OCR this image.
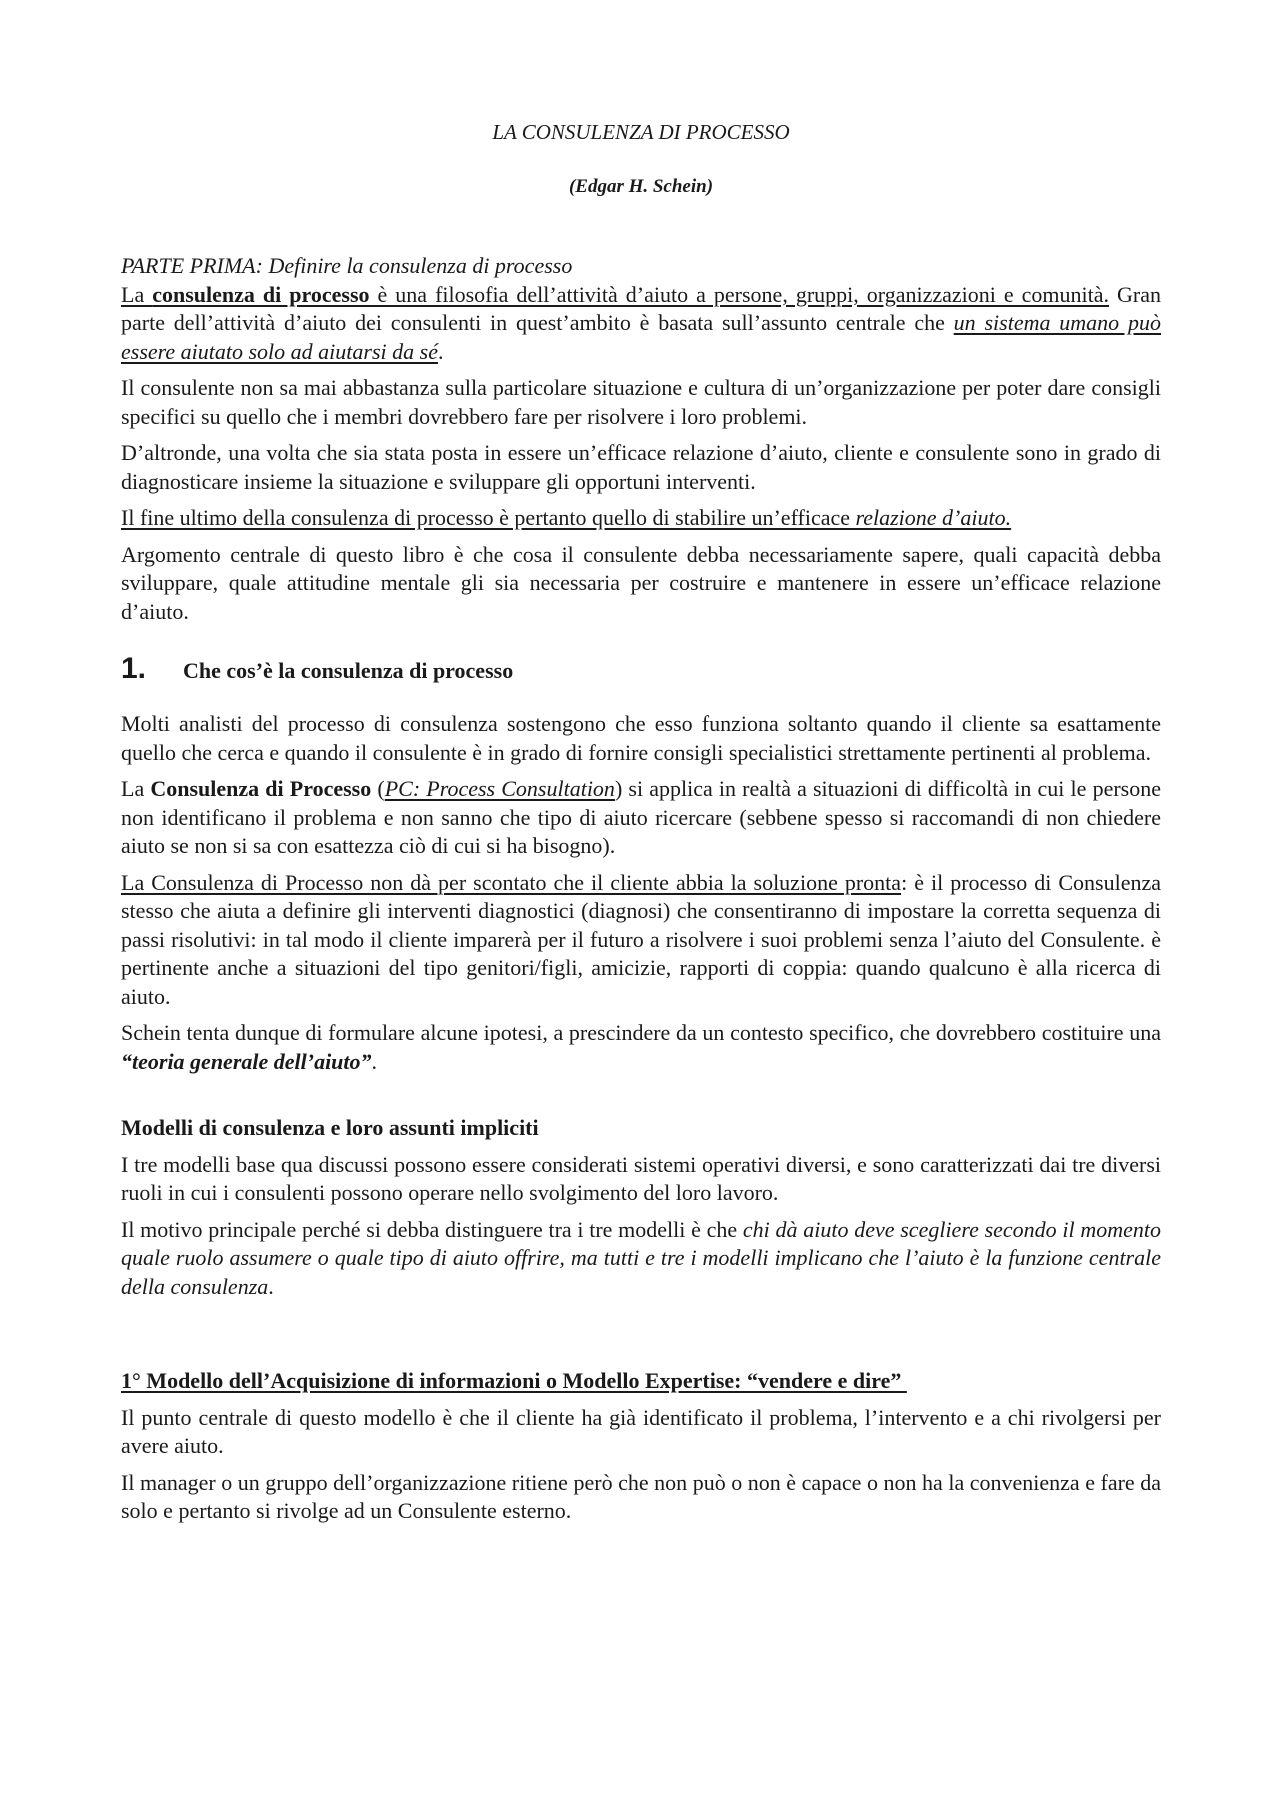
LA CONSULENZA DI PROCESSO
(Edgar H. Schein)
PARTE PRIMA: Definire la consulenza di processo

La consulenza di processo è una filosofia dell’attività d’aiuto a persone, gruppi, organizzazioni e comunità. Gran parte dell’attività d’aiuto dei consulenti in quest’ambito è basata sull’assunto centrale che un sistema umano può essere aiutato solo ad aiutarsi da sé.

Il consulente non sa mai abbastanza sulla particolare situazione e cultura di un’organizzazione per poter dare consigli specifici su quello che i membri dovrebbero fare per risolvere i loro problemi.

D’altronde, una volta che sia stata posta in essere un’efficace relazione d’aiuto, cliente e consulente sono in grado di diagnosticare insieme la situazione e sviluppare gli opportuni interventi.

Il fine ultimo della consulenza di processo è pertanto quello di stabilire un’efficace relazione d’aiuto.

Argomento centrale di questo libro è che cosa il consulente debba necessariamente sapere, quali capacità debba sviluppare, quale attitudine mentale gli sia necessaria per costruire e mantenere in essere un’efficace relazione d’aiuto.

1.	Che cos’è la consulenza di processo

Molti analisti del processo di consulenza sostengono che esso funziona soltanto quando il cliente sa esattamente quello che cerca e quando il consulente è in grado di fornire consigli specialistici strettamente pertinenti al problema.

La Consulenza di Processo (PC: Process Consultation) si applica in realtà a situazioni di difficoltà in cui le persone non identificano il problema e non sanno che tipo di aiuto ricercare (sebbene spesso si raccomandi di non chiedere aiuto se non si sa con esattezza ciò di cui si ha bisogno).

La Consulenza di Processo non dà per scontato che il cliente abbia la soluzione pronta: è il processo di Consulenza stesso che aiuta a definire gli interventi diagnostici (diagnosi) che consentiranno di impostare la corretta sequenza di passi risolutivi: in tal modo il cliente imparerà per il futuro a risolvere i suoi problemi senza l’aiuto del Consulente. è pertinente anche a situazioni del tipo genitori/figli, amicizie, rapporti di coppia: quando qualcuno è alla ricerca di aiuto.

Schein tenta dunque di formulare alcune ipotesi, a prescindere da un contesto specifico, che dovrebbero costituire una “teoria generale dell’aiuto”.

Modelli di consulenza e loro assunti impliciti

I tre modelli base qua discussi possono essere considerati sistemi operativi diversi, e sono caratterizzati dai tre diversi ruoli in cui i consulenti possono operare nello svolgimento del loro lavoro.

Il motivo principale perché si debba distinguere tra i tre modelli è che chi dà aiuto deve scegliere secondo il momento quale ruolo assumere o quale tipo di aiuto offrire, ma tutti e tre i modelli implicano che l’aiuto è la funzione centrale della consulenza.

1° Modello dell’Acquisizione di informazioni o Modello Expertise: “vendere e dire”

Il punto centrale di questo modello è che il cliente ha già identificato il problema, l’intervento e a chi rivolgersi per avere aiuto.

Il manager o un gruppo dell’organizzazione ritiene però che non può o non è capace o non ha la convenienza e fare da solo e pertanto si rivolge ad un Consulente esterno.
